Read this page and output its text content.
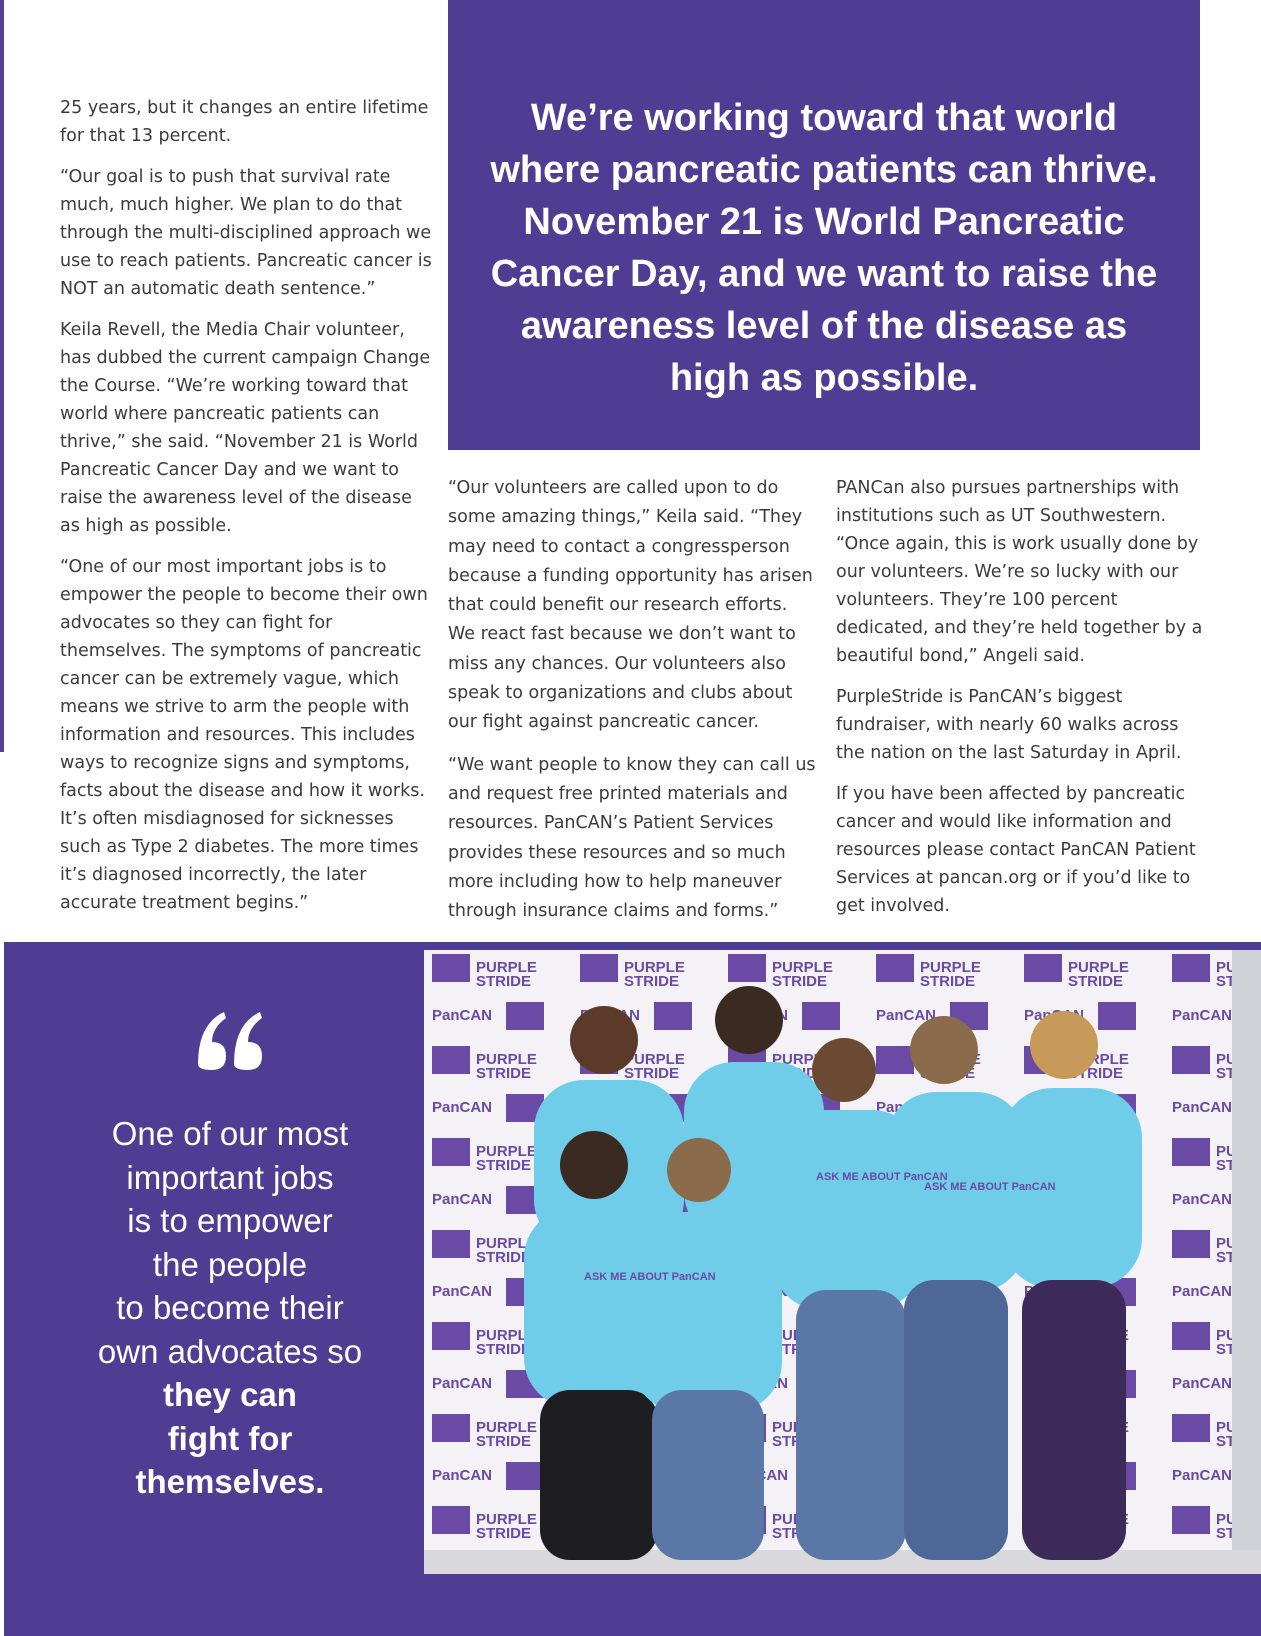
25 years, but it changes an entire lifetime for that 13 percent.

“Our goal is to push that survival rate much, much higher. We plan to do that through the multi-disciplined approach we use to reach patients. Pancreatic cancer is NOT an automatic death sentence.”

Keila Revell, the Media Chair volunteer, has dubbed the current campaign Change the Course. “We’re working toward that world where pancreatic patients can thrive,” she said. “November 21 is World Pancreatic Cancer Day and we want to raise the awareness level of the disease as high as possible.

“One of our most important jobs is to empower the people to become their own advocates so they can fight for themselves. The symptoms of pancreatic cancer can be extremely vague, which means we strive to arm the people with information and resources. This includes ways to recognize signs and symptoms, facts about the disease and how it works. It’s often misdiagnosed for sicknesses such as Type 2 diabetes. The more times it’s diagnosed incorrectly, the later accurate treatment begins.”

We’re working toward that world where pancreatic patients can thrive. November 21 is World Pancreatic Cancer Day, and we want to raise the awareness level of the disease as high as possible.

“Our volunteers are called upon to do some amazing things,” Keila said. “They may need to contact a congressperson because a funding opportunity has arisen that could benefit our research efforts. We react fast because we don’t want to miss any chances. Our volunteers also speak to organizations and clubs about our fight against pancreatic cancer.

“We want people to know they can call us and request free printed materials and resources. PanCAN’s Patient Services provides these resources and so much more including how to help maneuver through insurance claims and forms.”

PANCan also pursues partnerships with institutions such as UT Southwestern. “Once again, this is work usually done by our volunteers. We’re so lucky with our volunteers. They’re 100 percent dedicated, and they’re held together by a beautiful bond,” Angeli said.

PurpleStride is PanCAN’s biggest fundraiser, with nearly 60 walks across the nation on the last Saturday in April.

If you have been affected by pancreatic cancer and would like information and resources please contact PanCAN Patient Services at pancan.org or if you’d like to get involved.

One of our most
important jobs
is to empower
the people
to become their
own advocates so
they can
fight for
themselves.
ASK ME ABOUT PanCAN
ASK ME ABOUT PanCAN
ASK ME ABOUT PanCAN
